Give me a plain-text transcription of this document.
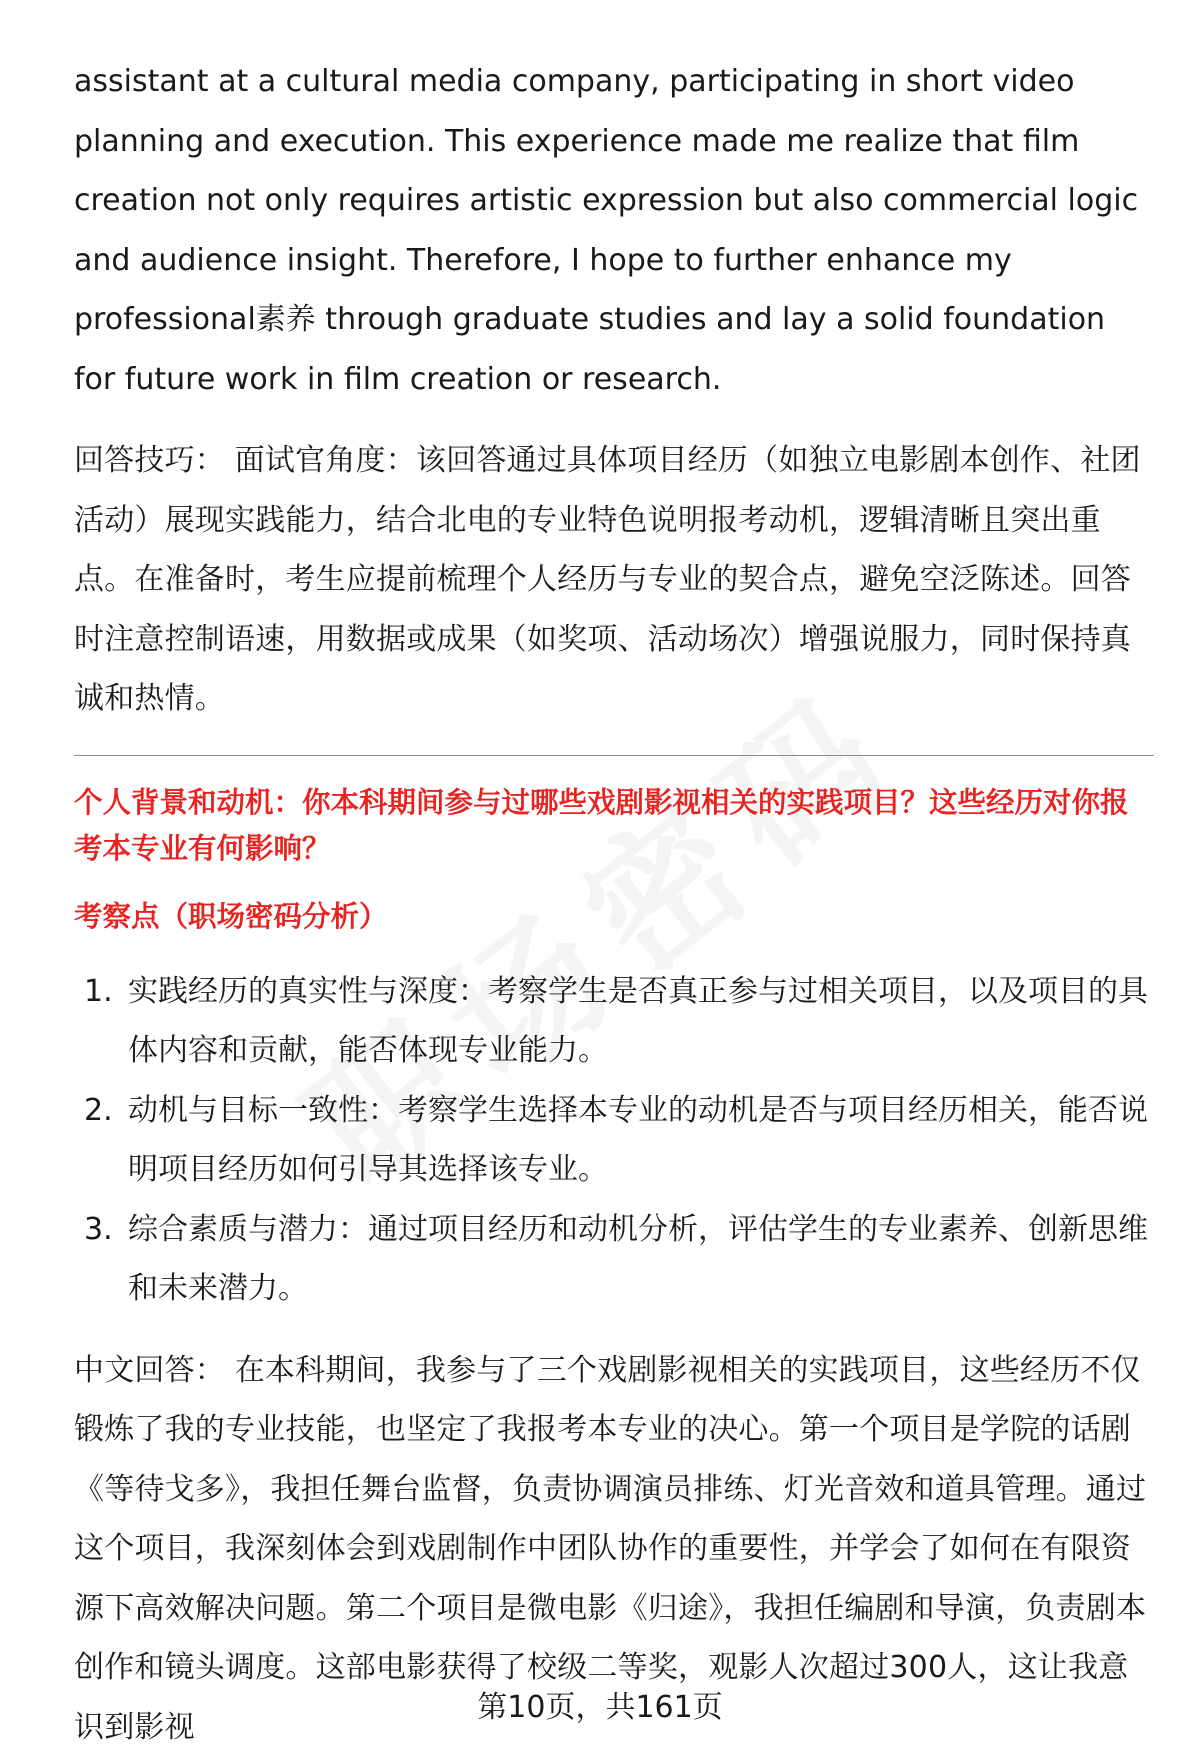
assistant at a cultural media company, participating in short video planning and execution. This experience made me realize that film creation not only requires artistic expression but also commercial logic and audience insight. Therefore, I hope to further enhance my professional素养 through graduate studies and lay a solid foundation for future work in film creation or research.

回答技巧： 面试官角度：该回答通过具体项目经历（如独立电影剧本创作、社团活动）展现实践能力，结合北电的专业特色说明报考动机，逻辑清晰且突出重点。在准备时，考生应提前梳理个人经历与专业的契合点，避免空泛陈述。回答时注意控制语速，用数据或成果（如奖项、活动场次）增强说服力，同时保持真诚和热情。

个人背景和动机：你本科期间参与过哪些戏剧影视相关的实践项目？这些经历对你报考本专业有何影响？

考察点（职场密码分析）

1. 实践经历的真实性与深度：考察学生是否真正参与过相关项目，以及项目的具体内容和贡献，能否体现专业能力。
2. 动机与目标一致性：考察学生选择本专业的动机是否与项目经历相关，能否说明项目经历如何引导其选择该专业。
3. 综合素质与潜力：通过项目经历和动机分析，评估学生的专业素养、创新思维和未来潜力。

中文回答： 在本科期间，我参与了三个戏剧影视相关的实践项目，这些经历不仅锻炼了我的专业技能，也坚定了我报考本专业的决心。第一个项目是学院的话剧《等待戈多》，我担任舞台监督，负责协调演员排练、灯光音效和道具管理。通过这个项目，我深刻体会到戏剧制作中团队协作的重要性，并学会了如何在有限资源下高效解决问题。第二个项目是微电影《归途》，我担任编剧和导演，负责剧本创作和镜头调度。这部电影获得了校级二等奖，观影人次超过300人，这让我意识到影视

第10页，共161页
